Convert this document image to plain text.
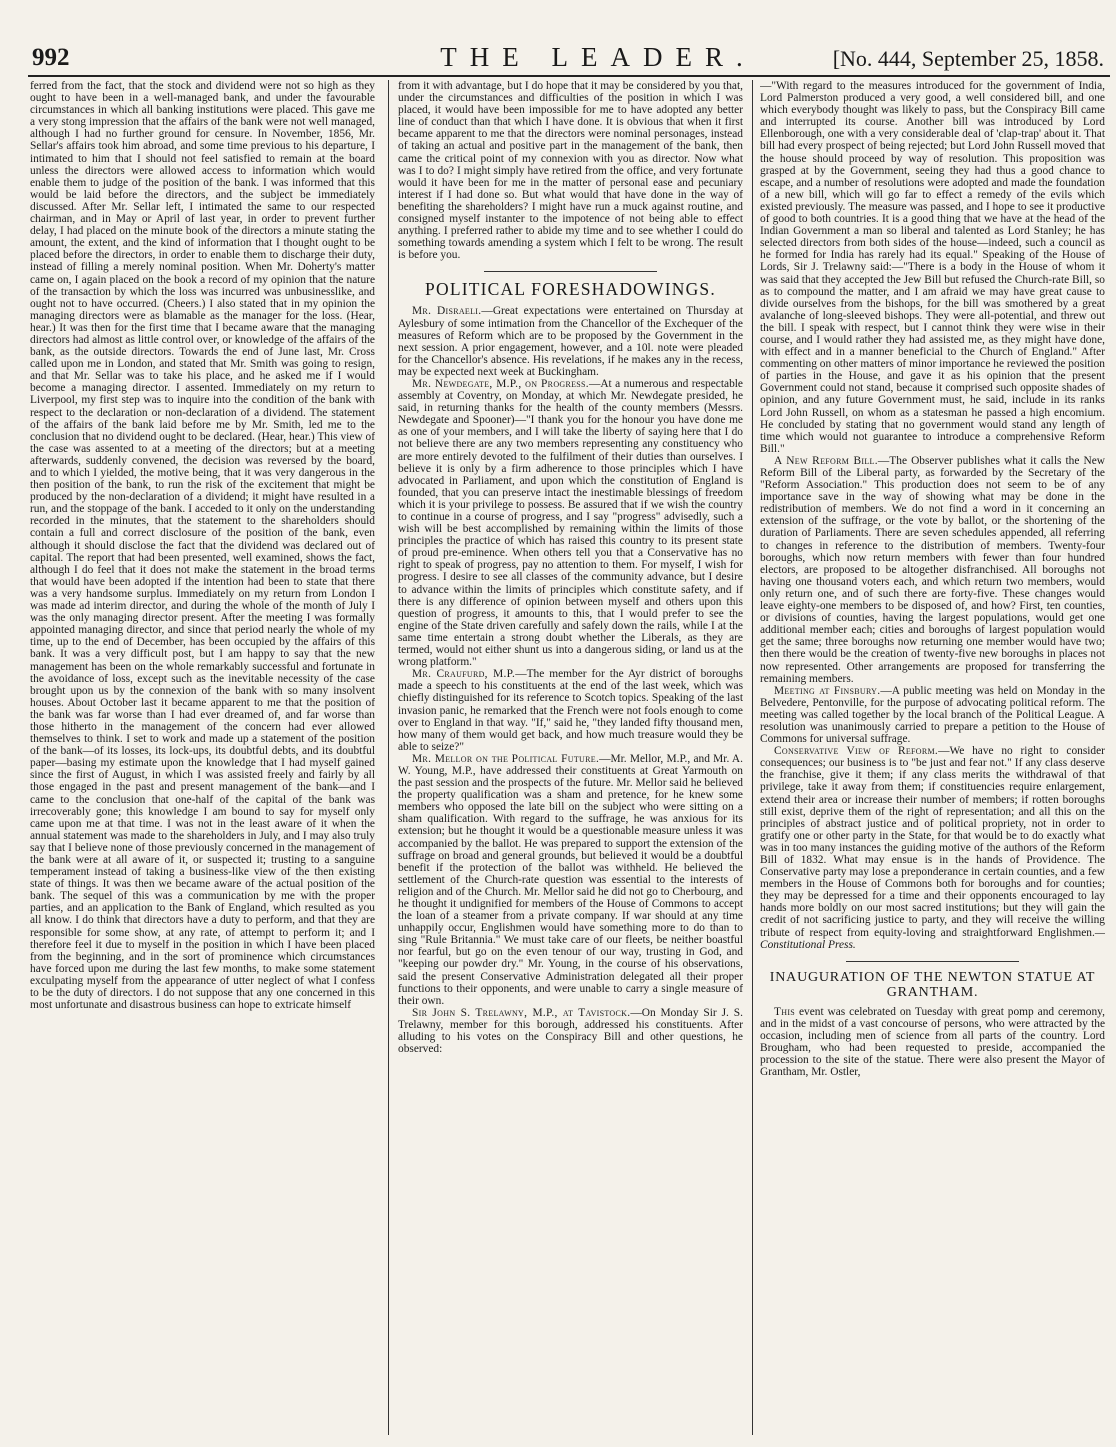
992	THE LEADER.	[No. 444, September 25, 1858.

ferred from the fact, that the stock and dividend were not so high as they ought to have been in a well-managed bank, and under the favourable circumstances in which all banking institutions were placed. This gave me a very stong impression that the affairs of the bank were not well managed, although I had no further ground for censure. In November, 1856, Mr. Sellar's affairs took him abroad, and some time previous to his departure, I intimated to him that I should not feel satisfied to remain at the board unless the directors were allowed access to information which would enable them to judge of the position of the bank. I was informed that this would be laid before the directors, and the subject be immediately discussed. After Mr. Sellar left, I intimated the same to our respected chairman, and in May or April of last year, in order to prevent further delay, I had placed on the minute book of the directors a minute stating the amount, the extent, and the kind of information that I thought ought to be placed before the directors, in order to enable them to discharge their duty, instead of filling a merely nominal position. When Mr. Doherty's matter came on, I again placed on the book a record of my opinion that the nature of the transaction by which the loss was incurred was unbusinesslike, and ought not to have occurred. (Cheers.) I also stated that in my opinion the managing directors were as blamable as the manager for the loss. (Hear, hear.) It was then for the first time that I became aware that the managing directors had almost as little control over, or knowledge of the affairs of the bank, as the outside directors. Towards the end of June last, Mr. Cross called upon me in London, and stated that Mr. Smith was going to resign, and that Mr. Sellar was to take his place, and he asked me if I would become a managing director. I assented. Immediately on my return to Liverpool, my first step was to inquire into the condition of the bank with respect to the declaration or non-declaration of a dividend. The statement of the affairs of the bank laid before me by Mr. Smith, led me to the conclusion that no dividend ought to be declared. (Hear, hear.) This view of the case was assented to at a meeting of the directors; but at a meeting afterwards, suddenly convened, the decision was reversed by the board, and to which I yielded, the motive being, that it was very dangerous in the then position of the bank, to run the risk of the excitement that might be produced by the non-declaration of a dividend; it might have resulted in a run, and the stoppage of the bank. I acceded to it only on the understanding recorded in the minutes, that the statement to the shareholders should contain a full and correct disclosure of the position of the bank, even although it should disclose the fact that the dividend was declared out of capital. The report that had been presented, well examined, shows the fact, although I do feel that it does not make the statement in the broad terms that would have been adopted if the intention had been to state that there was a very handsome surplus. Immediately on my return from London I was made ad interim director, and during the whole of the month of July I was the only managing director present. After the meeting I was formally appointed managing director, and since that period nearly the whole of my time, up to the end of December, has been occupied by the affairs of this bank. It was a very difficult post, but I am happy to say that the new management has been on the whole remarkably successful and fortunate in the avoidance of loss, except such as the inevitable necessity of the case brought upon us by the connexion of the bank with so many insolvent houses. About October last it became apparent to me that the position of the bank was far worse than I had ever dreamed of, and far worse than those hitherto in the management of the concern had ever allowed themselves to think. I set to work and made up a statement of the position of the bank—of its losses, its lock-ups, its doubtful debts, and its doubtful paper—basing my estimate upon the knowledge that I had myself gained since the first of August, in which I was assisted freely and fairly by all those engaged in the past and present management of the bank—and I came to the conclusion that one-half of the capital of the bank was irrecoverably gone; this knowledge I am bound to say for myself only came upon me at that time. I was not in the least aware of it when the annual statement was made to the shareholders in July, and I may also truly say that I believe none of those previously concerned in the management of the bank were at all aware of it, or suspected it; trusting to a sanguine temperament instead of taking a business-like view of the then existing state of things. It was then we became aware of the actual position of the bank. The sequel of this was a communication by me with the proper parties, and an application to the Bank of England, which resulted as you all know. I do think that directors have a duty to perform, and that they are responsible for some show, at any rate, of attempt to perform it; and I therefore feel it due to myself in the position in which I have been placed from the beginning, and in the sort of prominence which circumstances have forced upon me during the last few months, to make some statement exculpating myself from the appearance of utter neglect of what I confess to be the duty of directors. I do not suppose that any one concerned in this most unfortunate and disastrous business can hope to extricate himself

from it with advantage, but I do hope that it may be considered by you that, under the circumstances and difficulties of the position in which I was placed, it would have been impossible for me to have adopted any better line of conduct than that which I have done. It is obvious that when it first became apparent to me that the directors were nominal personages, instead of taking an actual and positive part in the management of the bank, then came the critical point of my connexion with you as director. Now what was I to do? I might simply have retired from the office, and very fortunate would it have been for me in the matter of personal ease and pecuniary interest if I had done so. But what would that have done in the way of benefiting the shareholders? I might have run a muck against routine, and consigned myself instanter to the impotence of not being able to effect anything. I preferred rather to abide my time and to see whether I could do something towards amending a system which I felt to be wrong. The result is before you.

POLITICAL FORESHADOWINGS.

Mr. Disraeli.—Great expectations were entertained on Thursday at Aylesbury of some intimation from the Chancellor of the Exchequer of the measures of Reform which are to be proposed by the Government in the next session. A prior engagement, however, and a 10l. note were pleaded for the Chancellor's absence. His revelations, if he makes any in the recess, may be expected next week at Buckingham.

Mr. Newdegate, M.P., on Progress.—At a numerous and respectable assembly at Coventry, on Monday, at which Mr. Newdegate presided, he said, in returning thanks for the health of the county members (Messrs. Newdegate and Spooner)—"I thank you for the honour you have done me as one of your members, and I will take the liberty of saying here that I do not believe there are any two members representing any constituency who are more entirely devoted to the fulfilment of their duties than ourselves. I believe it is only by a firm adherence to those principles which I have advocated in Parliament, and upon which the constitution of England is founded, that you can preserve intact the inestimable blessings of freedom which it is your privilege to possess. Be assured that if we wish the country to continue in a course of progress, and I say "progress" advisedly, such a wish will be best accomplished by remaining within the limits of those principles the practice of which has raised this country to its present state of proud pre-eminence. When others tell you that a Conservative has no right to speak of progress, pay no attention to them. For myself, I wish for progress. I desire to see all classes of the community advance, but I desire to advance within the limits of principles which constitute safety, and if there is any difference of opinion between myself and others upon this question of progress, it amounts to this, that I would prefer to see the engine of the State driven carefully and safely down the rails, while I at the same time entertain a strong doubt whether the Liberals, as they are termed, would not either shunt us into a dangerous siding, or land us at the wrong platform."

Mr. Craufurd, M.P.—The member for the Ayr district of boroughs made a speech to his constituents at the end of the last week, which was chiefly distinguished for its reference to Scotch topics. Speaking of the last invasion panic, he remarked that the French were not fools enough to come over to England in that way. "If," said he, "they landed fifty thousand men, how many of them would get back, and how much treasure would they be able to seize?"

Mr. Mellor on the Political Future.—Mr. Mellor, M.P., and Mr. A. W. Young, M.P., have addressed their constituents at Great Yarmouth on the past session and the prospects of the future. Mr. Mellor said he believed the property qualification was a sham and pretence, for he knew some members who opposed the late bill on the subject who were sitting on a sham qualification. With regard to the suffrage, he was anxious for its extension; but he thought it would be a questionable measure unless it was accompanied by the ballot. He was prepared to support the extension of the suffrage on broad and general grounds, but believed it would be a doubtful benefit if the protection of the ballot was withheld. He believed the settlement of the Church-rate question was essential to the interests of religion and of the Church. Mr. Mellor said he did not go to Cherbourg, and he thought it undignified for members of the House of Commons to accept the loan of a steamer from a private company. If war should at any time unhappily occur, Englishmen would have something more to do than to sing "Rule Britannia." We must take care of our fleets, be neither boastful nor fearful, but go on the even tenour of our way, trusting in God, and "keeping our powder dry." Mr. Young, in the course of his observations, said the present Conservative Administration delegated all their proper functions to their opponents, and were unable to carry a single measure of their own.

Sir John S. Trelawny, M.P., at Tavistock.—On Monday Sir J. S. Trelawny, member for this borough, addressed his constituents. After alluding to his votes on the Conspiracy Bill and other questions, he observed:

—"With regard to the measures introduced for the government of India, Lord Palmerston produced a very good, a well considered bill, and one which everybody thought was likely to pass, but the Conspiracy Bill came and interrupted its course. Another bill was introduced by Lord Ellenborough, one with a very considerable deal of 'clap-trap' about it. That bill had every prospect of being rejected; but Lord John Russell moved that the house should proceed by way of resolution. This proposition was grasped at by the Government, seeing they had thus a good chance to escape, and a number of resolutions were adopted and made the foundation of a new bill, which will go far to effect a remedy of the evils which existed previously. The measure was passed, and I hope to see it productive of good to both countries. It is a good thing that we have at the head of the Indian Government a man so liberal and talented as Lord Stanley; he has selected directors from both sides of the house—indeed, such a council as he formed for India has rarely had its equal." Speaking of the House of Lords, Sir J. Trelawny said:—"There is a body in the House of whom it was said that they accepted the Jew Bill but refused the Church-rate Bill, so as to compound the matter, and I am afraid we may have great cause to divide ourselves from the bishops, for the bill was smothered by a great avalanche of long-sleeved bishops. They were all-potential, and threw out the bill. I speak with respect, but I cannot think they were wise in their course, and I would rather they had assisted me, as they might have done, with effect and in a manner beneficial to the Church of England." After commenting on other matters of minor importance he reviewed the position of parties in the House, and gave it as his opinion that the present Government could not stand, because it comprised such opposite shades of opinion, and any future Government must, he said, include in its ranks Lord John Russell, on whom as a statesman he passed a high encomium. He concluded by stating that no government would stand any length of time which would not guarantee to introduce a comprehensive Reform Bill."

A New Reform Bill.—The Observer publishes what it calls the New Reform Bill of the Liberal party, as forwarded by the Secretary of the "Reform Association." This production does not seem to be of any importance save in the way of showing what may be done in the redistribution of members. We do not find a word in it concerning an extension of the suffrage, or the vote by ballot, or the shortening of the duration of Parliaments. There are seven schedules appended, all referring to changes in reference to the distribution of members. Twenty-four boroughs, which now return members with fewer than four hundred electors, are proposed to be altogether disfranchised. All boroughs not having one thousand voters each, and which return two members, would only return one, and of such there are forty-five. These changes would leave eighty-one members to be disposed of, and how? First, ten counties, or divisions of counties, having the largest populations, would get one additional member each; cities and boroughs of largest population would get the same; three boroughs now returning one member would have two; then there would be the creation of twenty-five new boroughs in places not now represented. Other arrangements are proposed for transferring the remaining members.

Meeting at Finsbury.—A public meeting was held on Monday in the Belvedere, Pentonville, for the purpose of advocating political reform. The meeting was called together by the local branch of the Political League. A resolution was unanimously carried to prepare a petition to the House of Commons for universal suffrage.

Conservative View of Reform.—We have no right to consider consequences; our business is to "be just and fear not." If any class deserve the franchise, give it them; if any class merits the withdrawal of that privilege, take it away from them; if constituencies require enlargement, extend their area or increase their number of members; if rotten boroughs still exist, deprive them of the right of representation; and all this on the principles of abstract justice and of political propriety, not in order to gratify one or other party in the State, for that would be to do exactly what was in too many instances the guiding motive of the authors of the Reform Bill of 1832. What may ensue is in the hands of Providence. The Conservative party may lose a preponderance in certain counties, and a few members in the House of Commons both for boroughs and for counties; they may be depressed for a time and their opponents encouraged to lay hands more boldly on our most sacred institutions; but they will gain the credit of not sacrificing justice to party, and they will receive the willing tribute of respect from equity-loving and straightforward Englishmen.—Constitutional Press.

INAUGURATION OF THE NEWTON STATUE AT GRANTHAM.

This event was celebrated on Tuesday with great pomp and ceremony, and in the midst of a vast concourse of persons, who were attracted by the occasion, including men of science from all parts of the country. Lord Brougham, who had been requested to preside, accompanied the procession to the site of the statue. There were also present the Mayor of Grantham, Mr. Ostler,
